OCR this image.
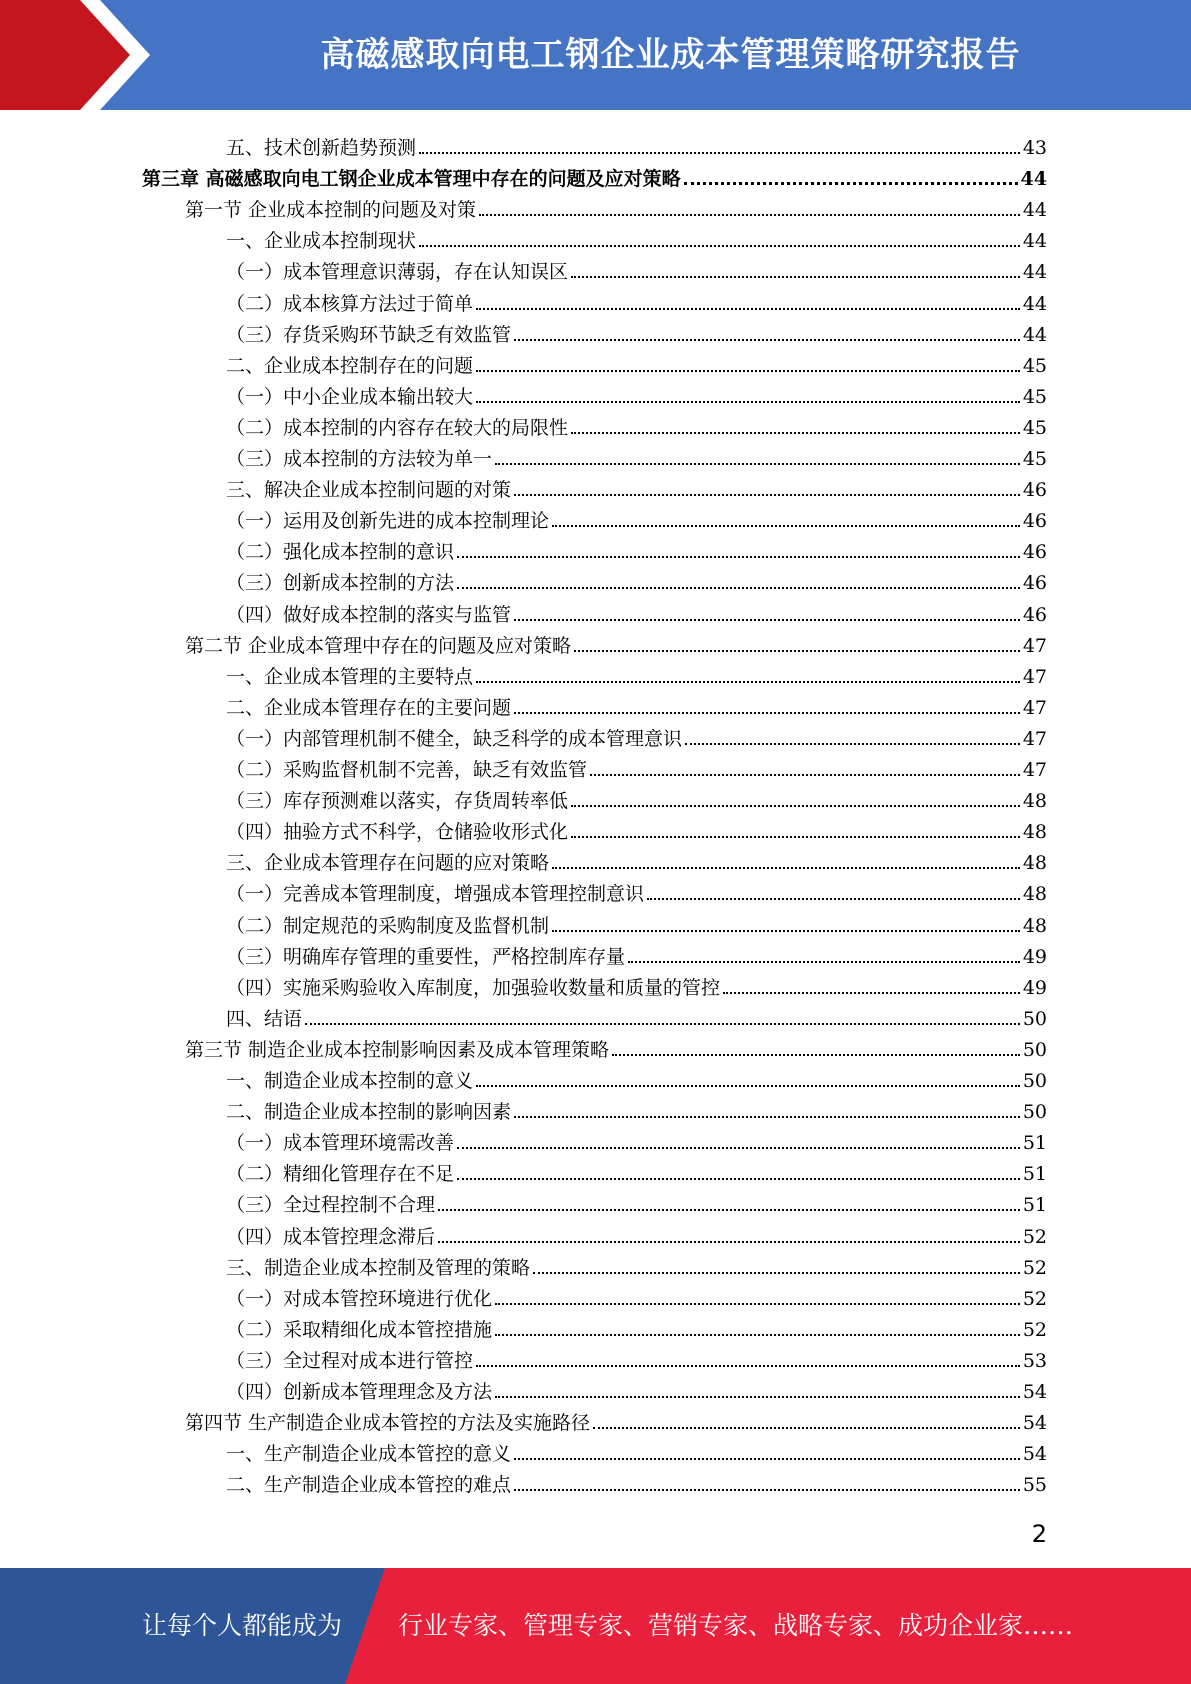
高磁感取向电工钢企业成本管理策略研究报告
五、技术创新趋势预测	43
第三章 高磁感取向电工钢企业成本管理中存在的问题及应对策略	44
第一节 企业成本控制的问题及对策	44
一、企业成本控制现状	44
（一）成本管理意识薄弱，存在认知误区	44
（二）成本核算方法过于简单	44
（三）存货采购环节缺乏有效监管	44
二、企业成本控制存在的问题	45
（一）中小企业成本输出较大	45
（二）成本控制的内容存在较大的局限性	45
（三）成本控制的方法较为单一	45
三、解决企业成本控制问题的对策	46
（一）运用及创新先进的成本控制理论	46
（二）强化成本控制的意识	46
（三）创新成本控制的方法	46
（四）做好成本控制的落实与监管	46
第二节 企业成本管理中存在的问题及应对策略	47
一、企业成本管理的主要特点	47
二、企业成本管理存在的主要问题	47
（一）内部管理机制不健全，缺乏科学的成本管理意识	47
（二）采购监督机制不完善，缺乏有效监管	47
（三）库存预测难以落实，存货周转率低	48
（四）抽验方式不科学，仓储验收形式化	48
三、企业成本管理存在问题的应对策略	48
（一）完善成本管理制度，增强成本管理控制意识	48
（二）制定规范的采购制度及监督机制	48
（三）明确库存管理的重要性，严格控制库存量	49
（四）实施采购验收入库制度，加强验收数量和质量的管控	49
四、结语	50
第三节 制造企业成本控制影响因素及成本管理策略	50
一、制造企业成本控制的意义	50
二、制造企业成本控制的影响因素	50
（一）成本管理环境需改善	51
（二）精细化管理存在不足	51
（三）全过程控制不合理	51
（四）成本管控理念滞后	52
三、制造企业成本控制及管理的策略	52
（一）对成本管控环境进行优化	52
（二）采取精细化成本管控措施	52
（三）全过程对成本进行管控	53
（四）创新成本管理理念及方法	54
第四节 生产制造企业成本管控的方法及实施路径	54
一、生产制造企业成本管控的意义	54
二、生产制造企业成本管控的难点	55
2
让每个人都能成为 行业专家、管理专家、营销专家、战略专家、成功企业家……
